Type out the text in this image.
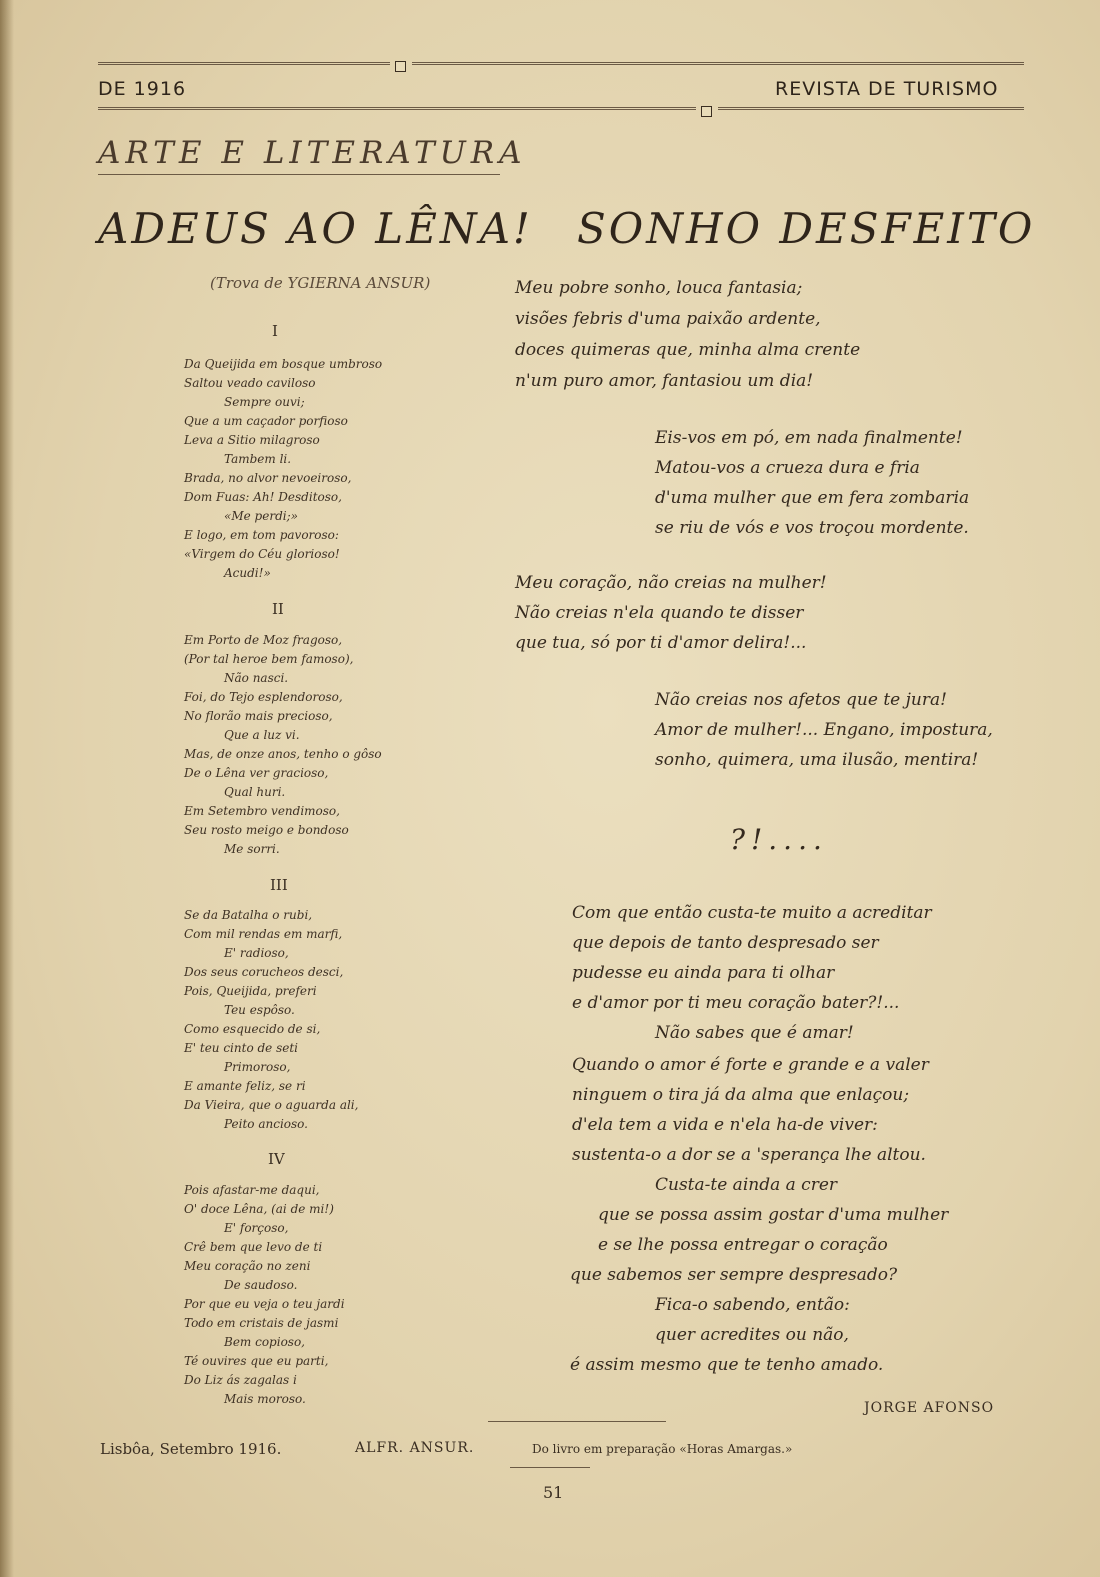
DE 1916	REVISTA DE TURISMO
ARTE E LITERATURA
ADEUS AO LÊNA! SONHO DESFEITO
(Trova de YGIERNA ANSUR)
I
Da Queijida em bosque umbroso
Saltou veado caviloso
Sempre ouvi;
Que a um caçador porfioso
Leva a Sitio milagroso
Tambem li.
Brada, no alvor nevoeiroso,
Dom Fuas: Ah! Desditoso,
«Me perdi;»
E logo, em tom pavoroso:
«Virgem do Céu glorioso!
Acudi!»
II
Em Porto de Moz fragoso,
(Por tal heroe bem famoso),
Não nasci.
Foi, do Tejo esplendoroso,
No florão mais precioso,
Que a luz vi.
Mas, de onze anos, tenho o gôso
De o Lêna ver gracioso,
Qual huri.
Em Setembro vendimoso,
Seu rosto meigo e bondoso
Me sorri.
III
Se da Batalha o rubi,
Com mil rendas em marfi,
E' radioso,
Dos seus corucheos desci,
Pois, Queijida, preferi
Teu espôso.
Como esquecido de si,
E' teu cinto de seti
Primoroso,
E amante feliz, se ri
Da Vieira, que o aguarda ali,
Peito ancioso.
IV
Pois afastar-me daqui,
O' doce Lêna, (ai de mi!)
E' forçoso,
Crê bem que levo de ti
Meu coração no zeni
De saudoso.
Por que eu veja o teu jardi
Todo em cristais de jasmi
Bem copioso,
Té ouvires que eu parti,
Do Liz ás zagalas i
Mais moroso.
Lisbôa, Setembro 1916.	ALFR. ANSUR.
Meu pobre sonho, louca fantasia;
visões febris d'uma paixão ardente,
doces quimeras que, minha alma crente
n'um puro amor, fantasiou um dia!
Eis-vos em pó, em nada finalmente!
Matou-vos a crueza dura e fria
d'uma mulher que em fera zombaria
se riu de vós e vos troçou mordente.
Meu coração, não creias na mulher!
Não creias n'ela quando te disser
que tua, só por ti d'amor delira!...
Não creias nos afetos que te jura!
Amor de mulher!... Engano, impostura,
sonho, quimera, uma ilusão, mentira!
?!....
Com que então custa-te muito a acreditar
que depois de tanto despresado ser
pudesse eu ainda para ti olhar
e d'amor por ti meu coração bater?!...
Não sabes que é amar!
Quando o amor é forte e grande e a valer
ninguem o tira já da alma que enlaçou;
d'ela tem a vida e n'ela ha-de viver:
sustenta-o a dor se a 'sperança lhe altou.
Custa-te ainda a crer
que se possa assim gostar d'uma mulher
e se lhe possa entregar o coração
que sabemos ser sempre despresado?
Fica-o sabendo, então:
quer acredites ou não,
é assim mesmo que te tenho amado.
JORGE AFONSO
Do livro em preparação «Horas Amargas.»
51
